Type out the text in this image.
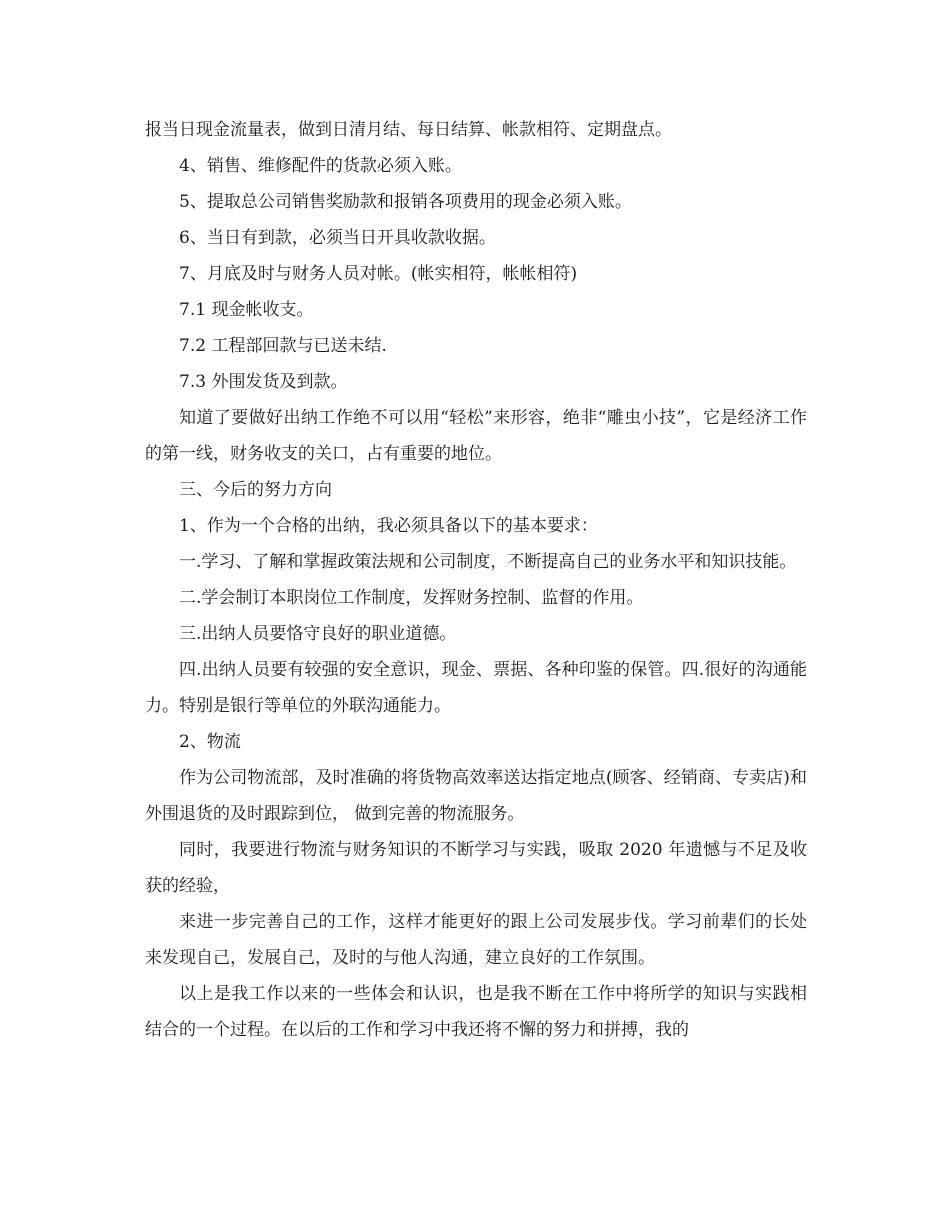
报当日现金流量表，做到日清月结、每日结算、帐款相符、定期盘点。

4、销售、维修配件的货款必须入账。

5、提取总公司销售奖励款和报销各项费用的现金必须入账。

6、当日有到款，必须当日开具收款收据。

7、月底及时与财务人员对帐。(帐实相符，帐帐相符)

7.1 现金帐收支。

7.2 工程部回款与已送未结.

7.3 外围发货及到款。

知道了要做好出纳工作绝不可以用“轻松”来形容，绝非“雕虫小技”，它是经济工作的第一线，财务收支的关口，占有重要的地位。

三、今后的努力方向

1、作为一个合格的出纳，我必须具备以下的基本要求：

一.学习、了解和掌握政策法规和公司制度，不断提高自己的业务水平和知识技能。

二.学会制订本职岗位工作制度，发挥财务控制、监督的作用。

三.出纳人员要恪守良好的职业道德。

四.出纳人员要有较强的安全意识，现金、票据、各种印鉴的保管。四.很好的沟通能力。特别是银行等单位的外联沟通能力。

2、物流

作为公司物流部，及时准确的将货物高效率送达指定地点(顾客、经销商、专卖店)和外围退货的及时跟踪到位， 做到完善的物流服务。

同时，我要进行物流与财务知识的不断学习与实践，吸取 2020 年遗憾与不足及收获的经验，

来进一步完善自己的工作，这样才能更好的跟上公司发展步伐。学习前辈们的长处来发现自己，发展自己，及时的与他人沟通，建立良好的工作氛围。

以上是我工作以来的一些体会和认识，也是我不断在工作中将所学的知识与实践相结合的一个过程。在以后的工作和学习中我还将不懈的努力和拼搏，我的
